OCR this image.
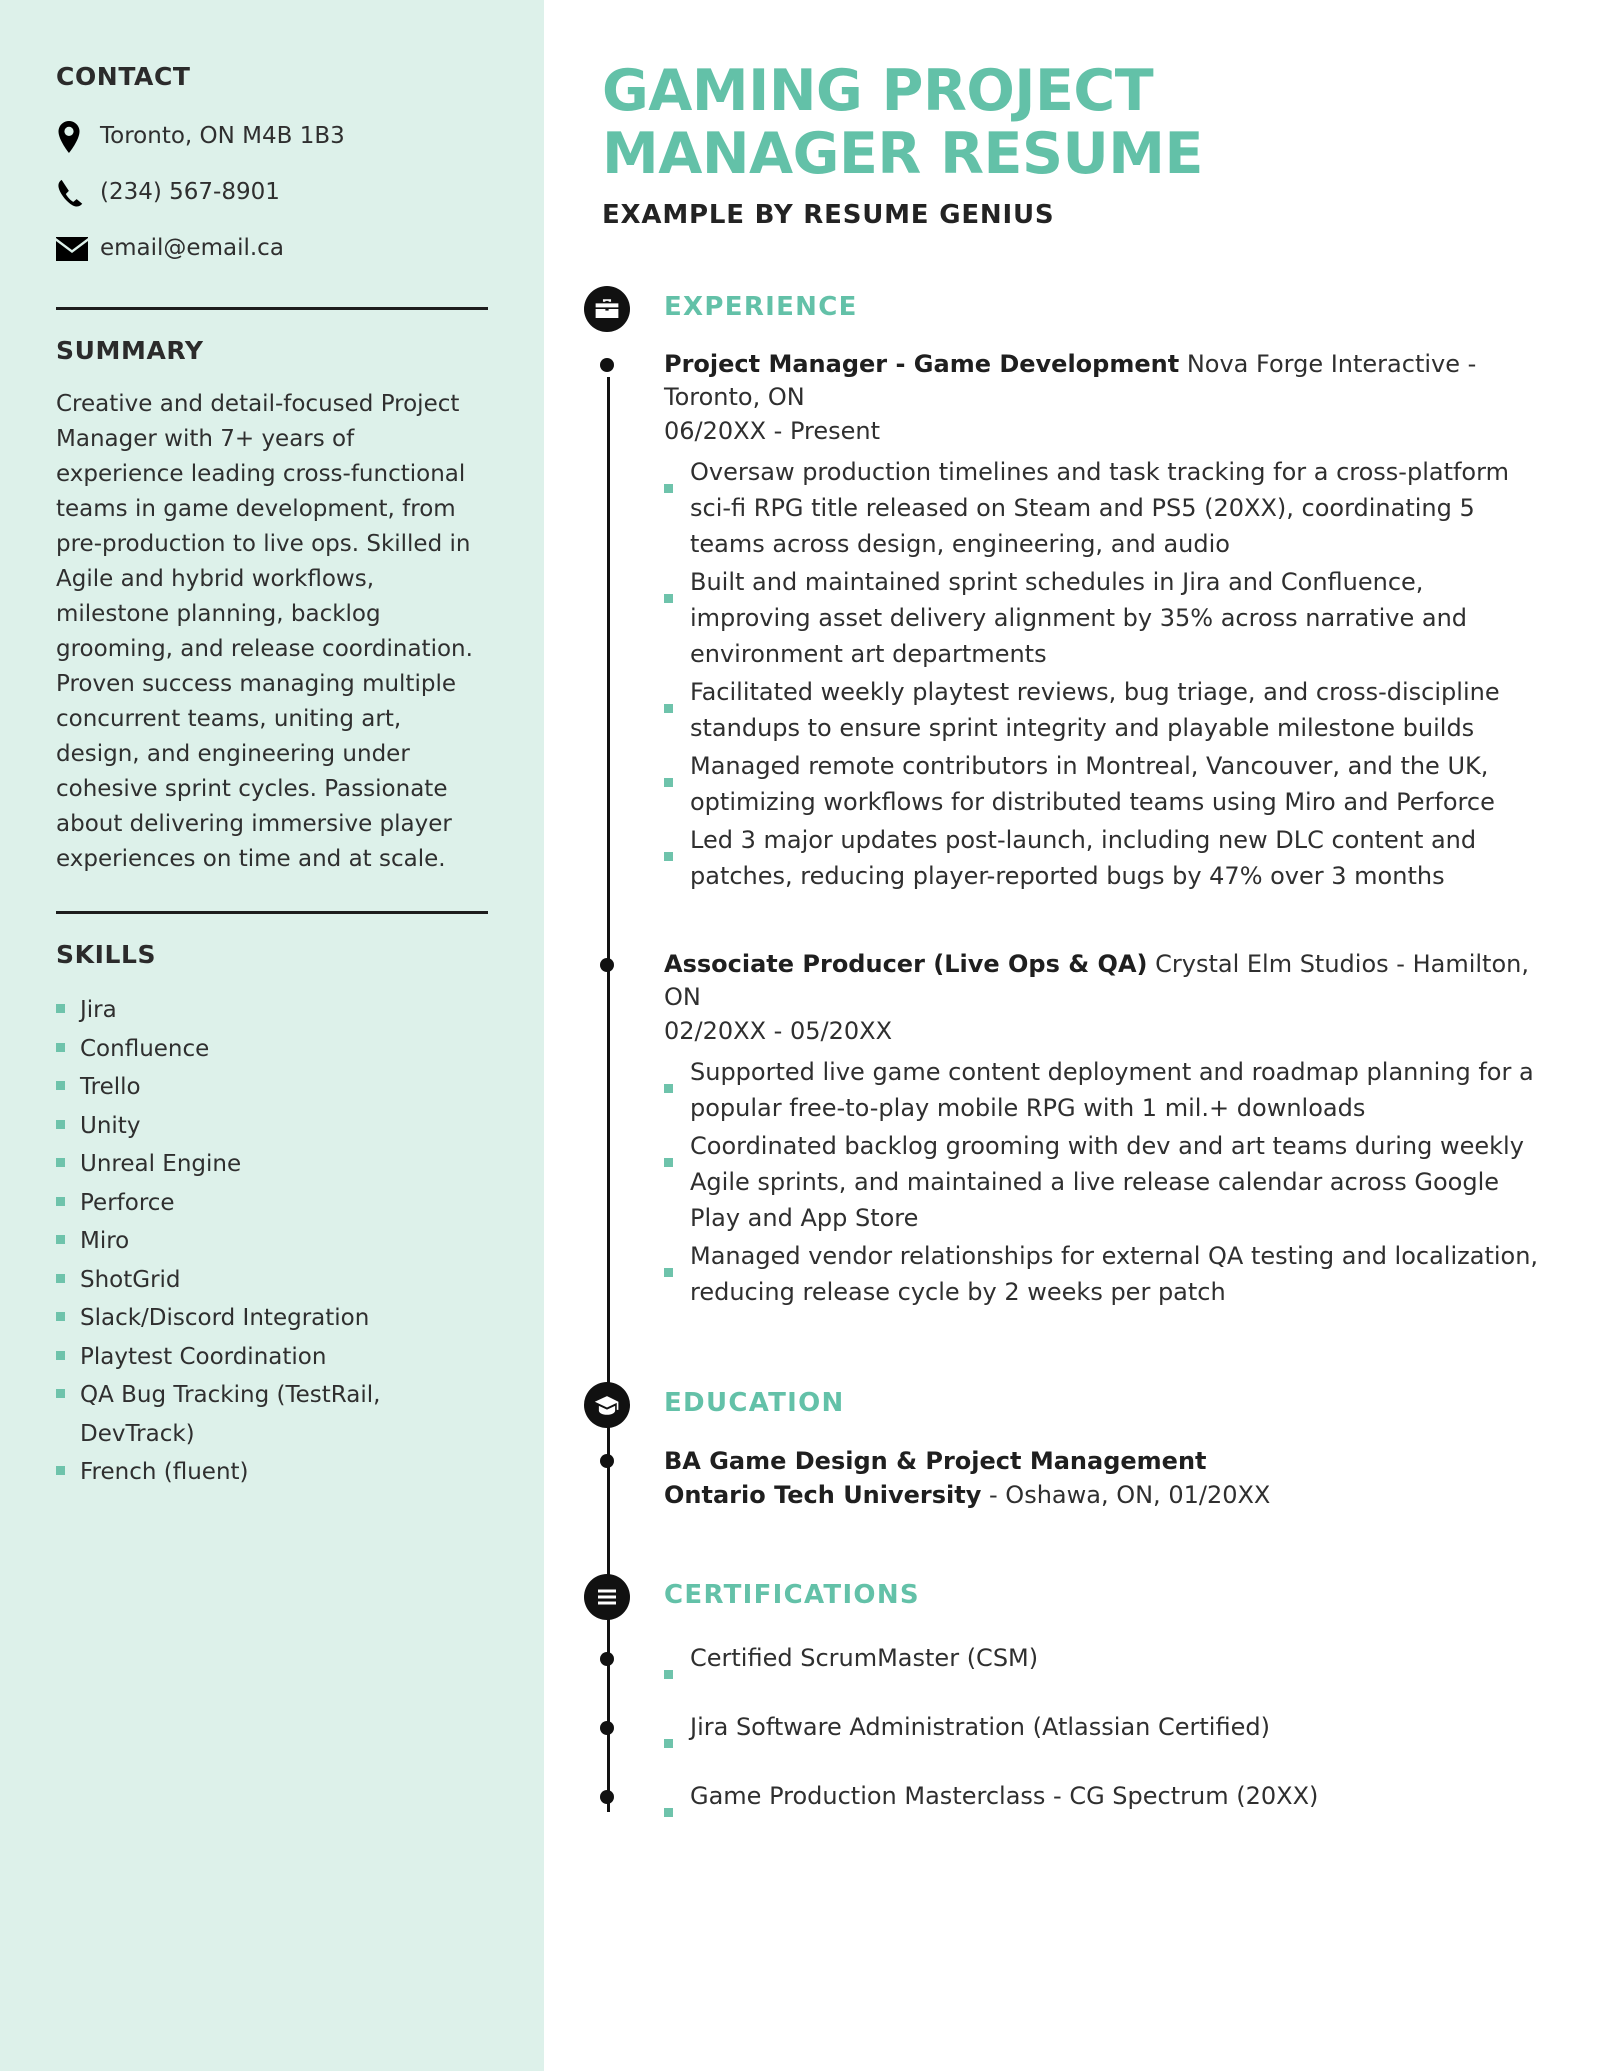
CONTACT
Toronto, ON M4B 1B3
(234) 567-8901
email@email.ca
SUMMARY

Creative and detail-focused Project Manager with 7+ years of experience leading cross-functional teams in game development, from pre-production to live ops. Skilled in Agile and hybrid workflows, milestone planning, backlog grooming, and release coordination. Proven success managing multiple concurrent teams, uniting art, design, and engineering under cohesive sprint cycles. Passionate about delivering immersive player experiences on time and at scale.

SKILLS
Jira
Confluence
Trello
Unity
Unreal Engine
Perforce
Miro
ShotGrid
Slack/Discord Integration
Playtest Coordination
QA Bug Tracking (TestRail, DevTrack)
French (fluent)
GAMING PROJECT
MANAGER RESUME
EXAMPLE BY RESUME GENIUS
EXPERIENCE
Project Manager - Game Development Nova Forge Interactive - Toronto, ON
06/20XX - Present
Oversaw production timelines and task tracking for a cross-platform sci-fi RPG title released on Steam and PS5 (20XX), coordinating 5 teams across design, engineering, and audio
Built and maintained sprint schedules in Jira and Confluence, improving asset delivery alignment by 35% across narrative and environment art departments
Facilitated weekly playtest reviews, bug triage, and cross-discipline standups to ensure sprint integrity and playable milestone builds
Managed remote contributors in Montreal, Vancouver, and the UK, optimizing workflows for distributed teams using Miro and Perforce
Led 3 major updates post-launch, including new DLC content and patches, reducing player-reported bugs by 47% over 3 months
Associate Producer (Live Ops & QA) Crystal Elm Studios - Hamilton, ON
02/20XX - 05/20XX
Supported live game content deployment and roadmap planning for a popular free-to-play mobile RPG with 1 mil.+ downloads
Coordinated backlog grooming with dev and art teams during weekly Agile sprints, and maintained a live release calendar across Google Play and App Store
Managed vendor relationships for external QA testing and localization, reducing release cycle by 2 weeks per patch
EDUCATION
BA Game Design & Project Management
Ontario Tech University - Oshawa, ON, 01/20XX
CERTIFICATIONS
Certified ScrumMaster (CSM)
Jira Software Administration (Atlassian Certified)
Game Production Masterclass - CG Spectrum (20XX)
